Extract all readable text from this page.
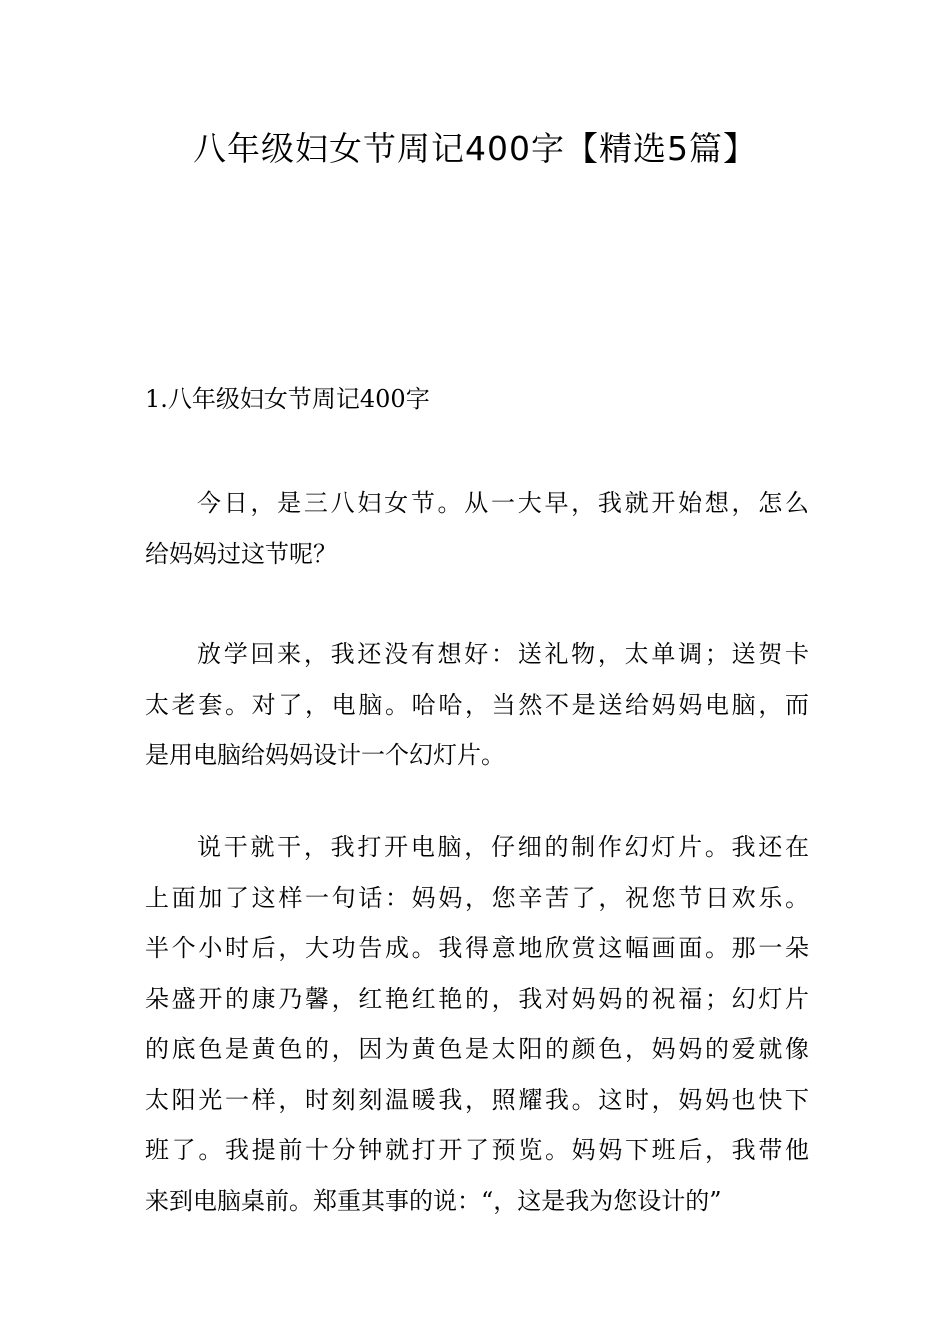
八年级妇女节周记400字【精选5篇】
1.八年级妇女节周记400字
今日，是三八妇女节。从一大早，我就开始想，怎么
给妈妈过这节呢？
放学回来，我还没有想好：送礼物，太单调；送贺卡
太老套。对了，电脑。哈哈，当然不是送给妈妈电脑，而
是用电脑给妈妈设计一个幻灯片。
说干就干，我打开电脑，仔细的制作幻灯片。我还在
上面加了这样一句话：妈妈，您辛苦了，祝您节日欢乐。
半个小时后，大功告成。我得意地欣赏这幅画面。那一朵
朵盛开的康乃馨，红艳红艳的，我对妈妈的祝福；幻灯片
的底色是黄色的，因为黄色是太阳的颜色，妈妈的爱就像
太阳光一样，时刻刻温暖我，照耀我。这时，妈妈也快下
班了。我提前十分钟就打开了预览。妈妈下班后，我带他
来到电脑桌前。郑重其事的说：“，这是我为您设计的”
